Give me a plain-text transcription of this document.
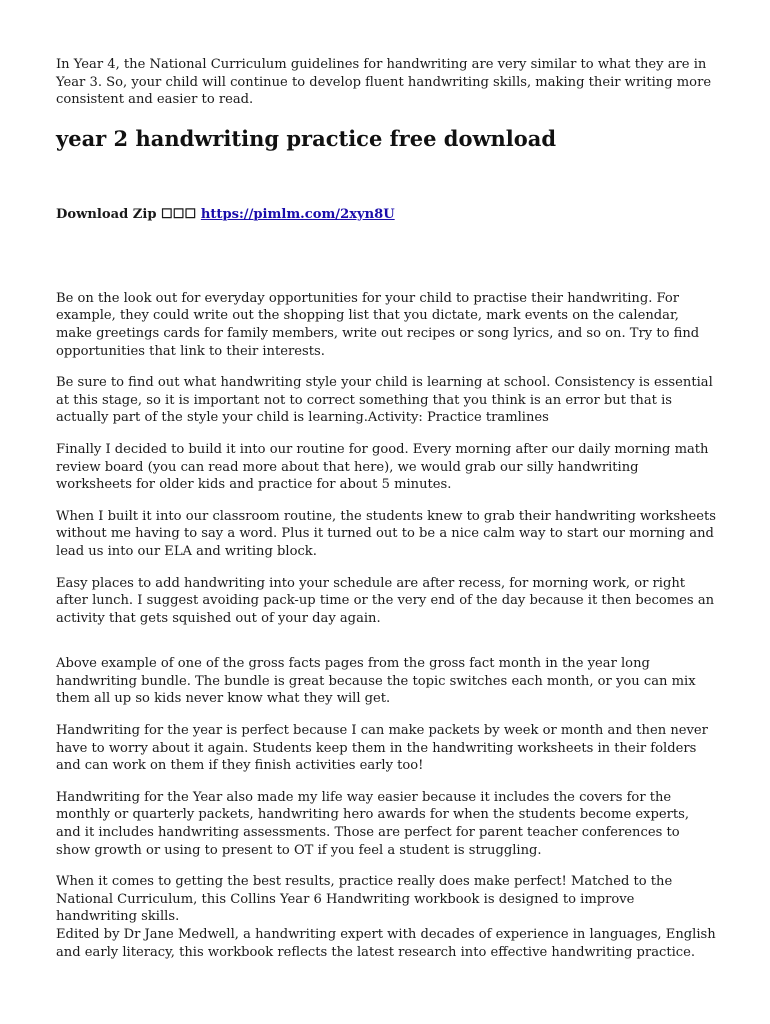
In Year 4, the National Curriculum guidelines for handwriting are very similar to what they are in Year 3. So, your child will continue to develop fluent handwriting skills, making their writing more consistent and easier to read.

year 2 handwriting practice free download
Download Zip ☐☐☐ https://pimlm.com/2xyn8U

Be on the look out for everyday opportunities for your child to practise their handwriting. For example, they could write out the shopping list that you dictate, mark events on the calendar, make greetings cards for family members, write out recipes or song lyrics, and so on. Try to find opportunities that link to their interests.

Be sure to find out what handwriting style your child is learning at school. Consistency is essential at this stage, so it is important not to correct something that you think is an error but that is actually part of the style your child is learning.Activity: Practice tramlines

Finally I decided to build it into our routine for good. Every morning after our daily morning math review board (you can read more about that here), we would grab our silly handwriting worksheets for older kids and practice for about 5 minutes.

When I built it into our classroom routine, the students knew to grab their handwriting worksheets without me having to say a word. Plus it turned out to be a nice calm way to start our morning and lead us into our ELA and writing block.

Easy places to add handwriting into your schedule are after recess, for morning work, or right after lunch. I suggest avoiding pack-up time or the very end of the day because it then becomes an activity that gets squished out of your day again.

Above example of one of the gross facts pages from the gross fact month in the year long handwriting bundle. The bundle is great because the topic switches each month, or you can mix them all up so kids never know what they will get.

Handwriting for the year is perfect because I can make packets by week or month and then never have to worry about it again. Students keep them in the handwriting worksheets in their folders and can work on them if they finish activities early too!

Handwriting for the Year also made my life way easier because it includes the covers for the monthly or quarterly packets, handwriting hero awards for when the students become experts, and it includes handwriting assessments. Those are perfect for parent teacher conferences to show growth or using to present to OT if you feel a student is struggling.

When it comes to getting the best results, practice really does make perfect! Matched to the National Curriculum, this Collins Year 6 Handwriting workbook is designed to improve handwriting skills.

Edited by Dr Jane Medwell, a handwriting expert with decades of experience in languages, English and early literacy, this workbook reflects the latest research into effective handwriting practice.
